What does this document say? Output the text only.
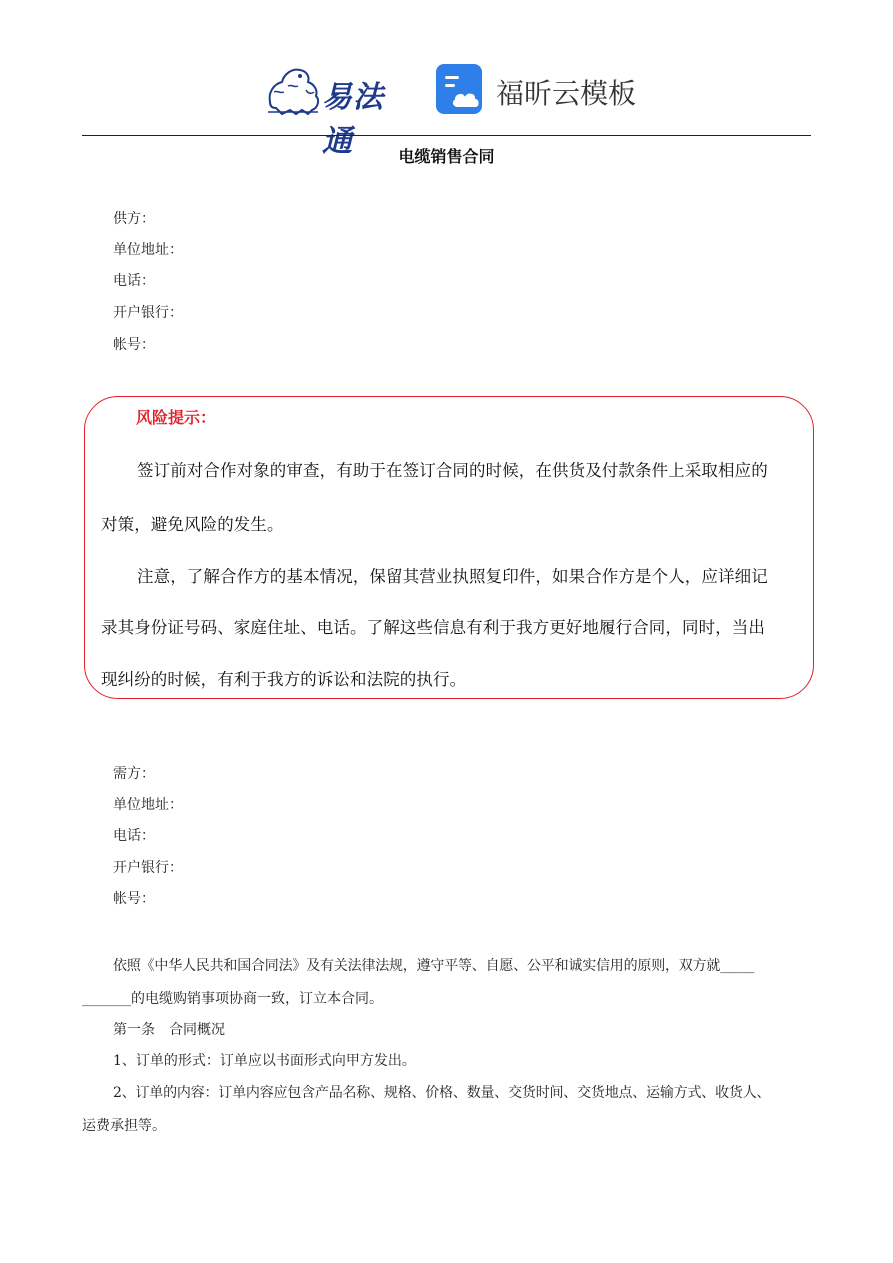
易法通
福昕云模板
电缆销售合同
供方：
单位地址：
电话：
开户银行：
帐号：
风险提示：
签订前对合作对象的审查，有助于在签订合同的时候，在供货及付款条件上采取相应的
对策，避免风险的发生。
注意，了解合作方的基本情况，保留其营业执照复印件，如果合作方是个人，应详细记
录其身份证号码、家庭住址、电话。了解这些信息有利于我方更好地履行合同，同时，当出
现纠纷的时候，有利于我方的诉讼和法院的执行。
需方：
单位地址：
电话：
开户银行：
帐号：
依照《中华人民共和国合同法》及有关法律法规，遵守平等、自愿、公平和诚实信用的原则，双方就_____
_______的电缆购销事项协商一致，订立本合同。
第一条　合同概况
1、订单的形式：订单应以书面形式向甲方发出。
2、订单的内容：订单内容应包含产品名称、规格、价格、数量、交货时间、交货地点、运输方式、收货人、
运费承担等。
